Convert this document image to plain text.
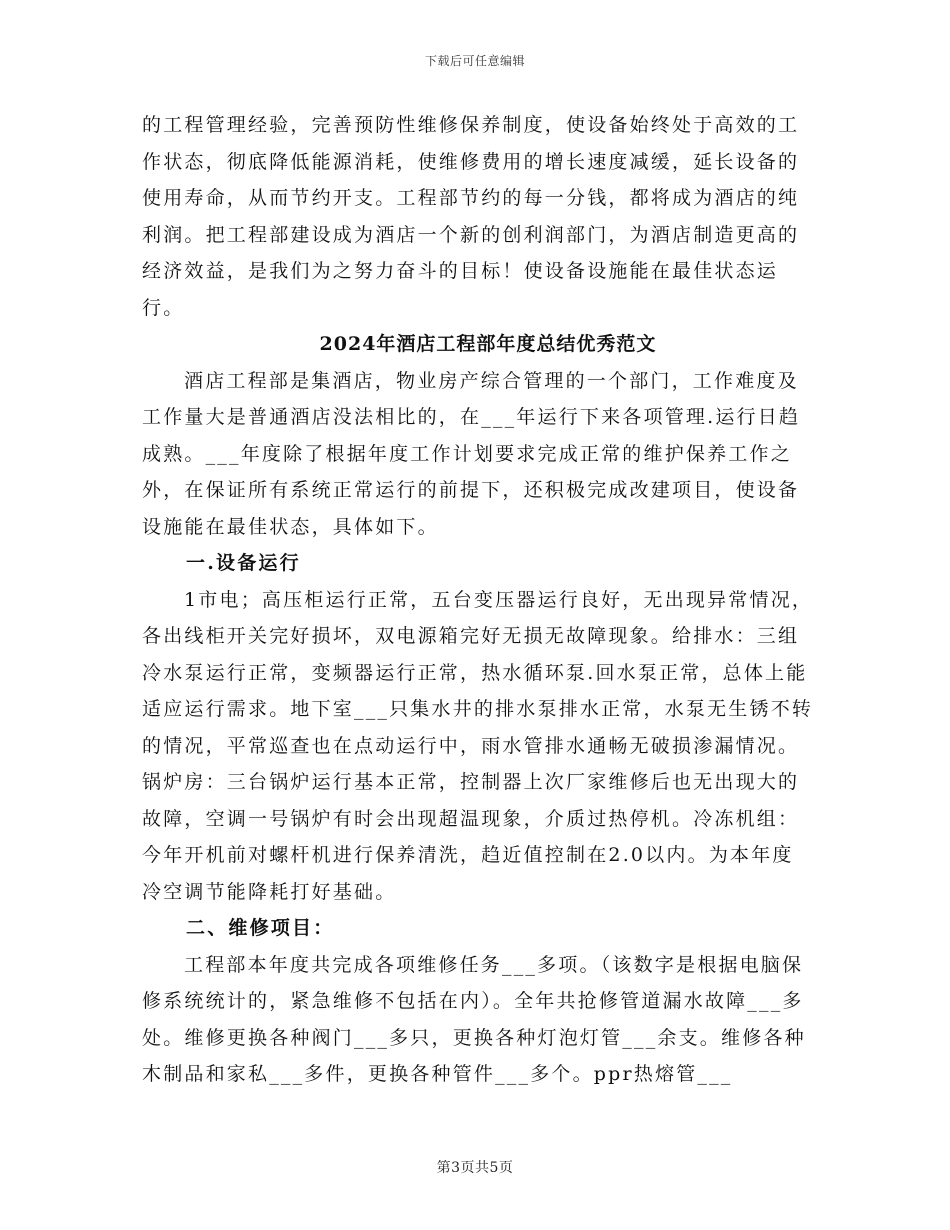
下载后可任意编辑

的工程管理经验，完善预防性维修保养制度，使设备始终处于高效的工作状态，彻底降低能源消耗，使维修费用的增长速度减缓，延长设备的使用寿命，从而节约开支。工程部节约的每一分钱，都将成为酒店的纯利润。把工程部建设成为酒店一个新的创利润部门，为酒店制造更高的经济效益，是我们为之努力奋斗的目标！使设备设施能在最佳状态运行。

2024年酒店工程部年度总结优秀范文

酒店工程部是集酒店，物业房产综合管理的一个部门，工作难度及工作量大是普通酒店没法相比的，在___年运行下来各项管理.运行日趋成熟。___年度除了根据年度工作计划要求完成正常的维护保养工作之外，在保证所有系统正常运行的前提下，还积极完成改建项目，使设备设施能在最佳状态，具体如下。

一.设备运行

1市电；高压柜运行正常，五台变压器运行良好，无出现异常情况，各出线柜开关完好损坏，双电源箱完好无损无故障现象。给排水：三组冷水泵运行正常，变频器运行正常，热水循环泵.回水泵正常，总体上能适应运行需求。地下室___只集水井的排水泵排水正常，水泵无生锈不转的情况，平常巡查也在点动运行中，雨水管排水通畅无破损渗漏情况。锅炉房：三台锅炉运行基本正常，控制器上次厂家维修后也无出现大的故障，空调一号锅炉有时会出现超温现象，介质过热停机。冷冻机组：今年开机前对螺杆机进行保养清洗，趋近值控制在2.0以内。为本年度冷空调节能降耗打好基础。

二、维修项目：

工程部本年度共完成各项维修任务___多项。（该数字是根据电脑保修系统统计的，紧急维修不包括在内）。全年共抢修管道漏水故障___多处。维修更换各种阀门___多只，更换各种灯泡灯管___余支。维修各种木制品和家私___多件，更换各种管件___多个。ppr热熔管___

第3页共5页
